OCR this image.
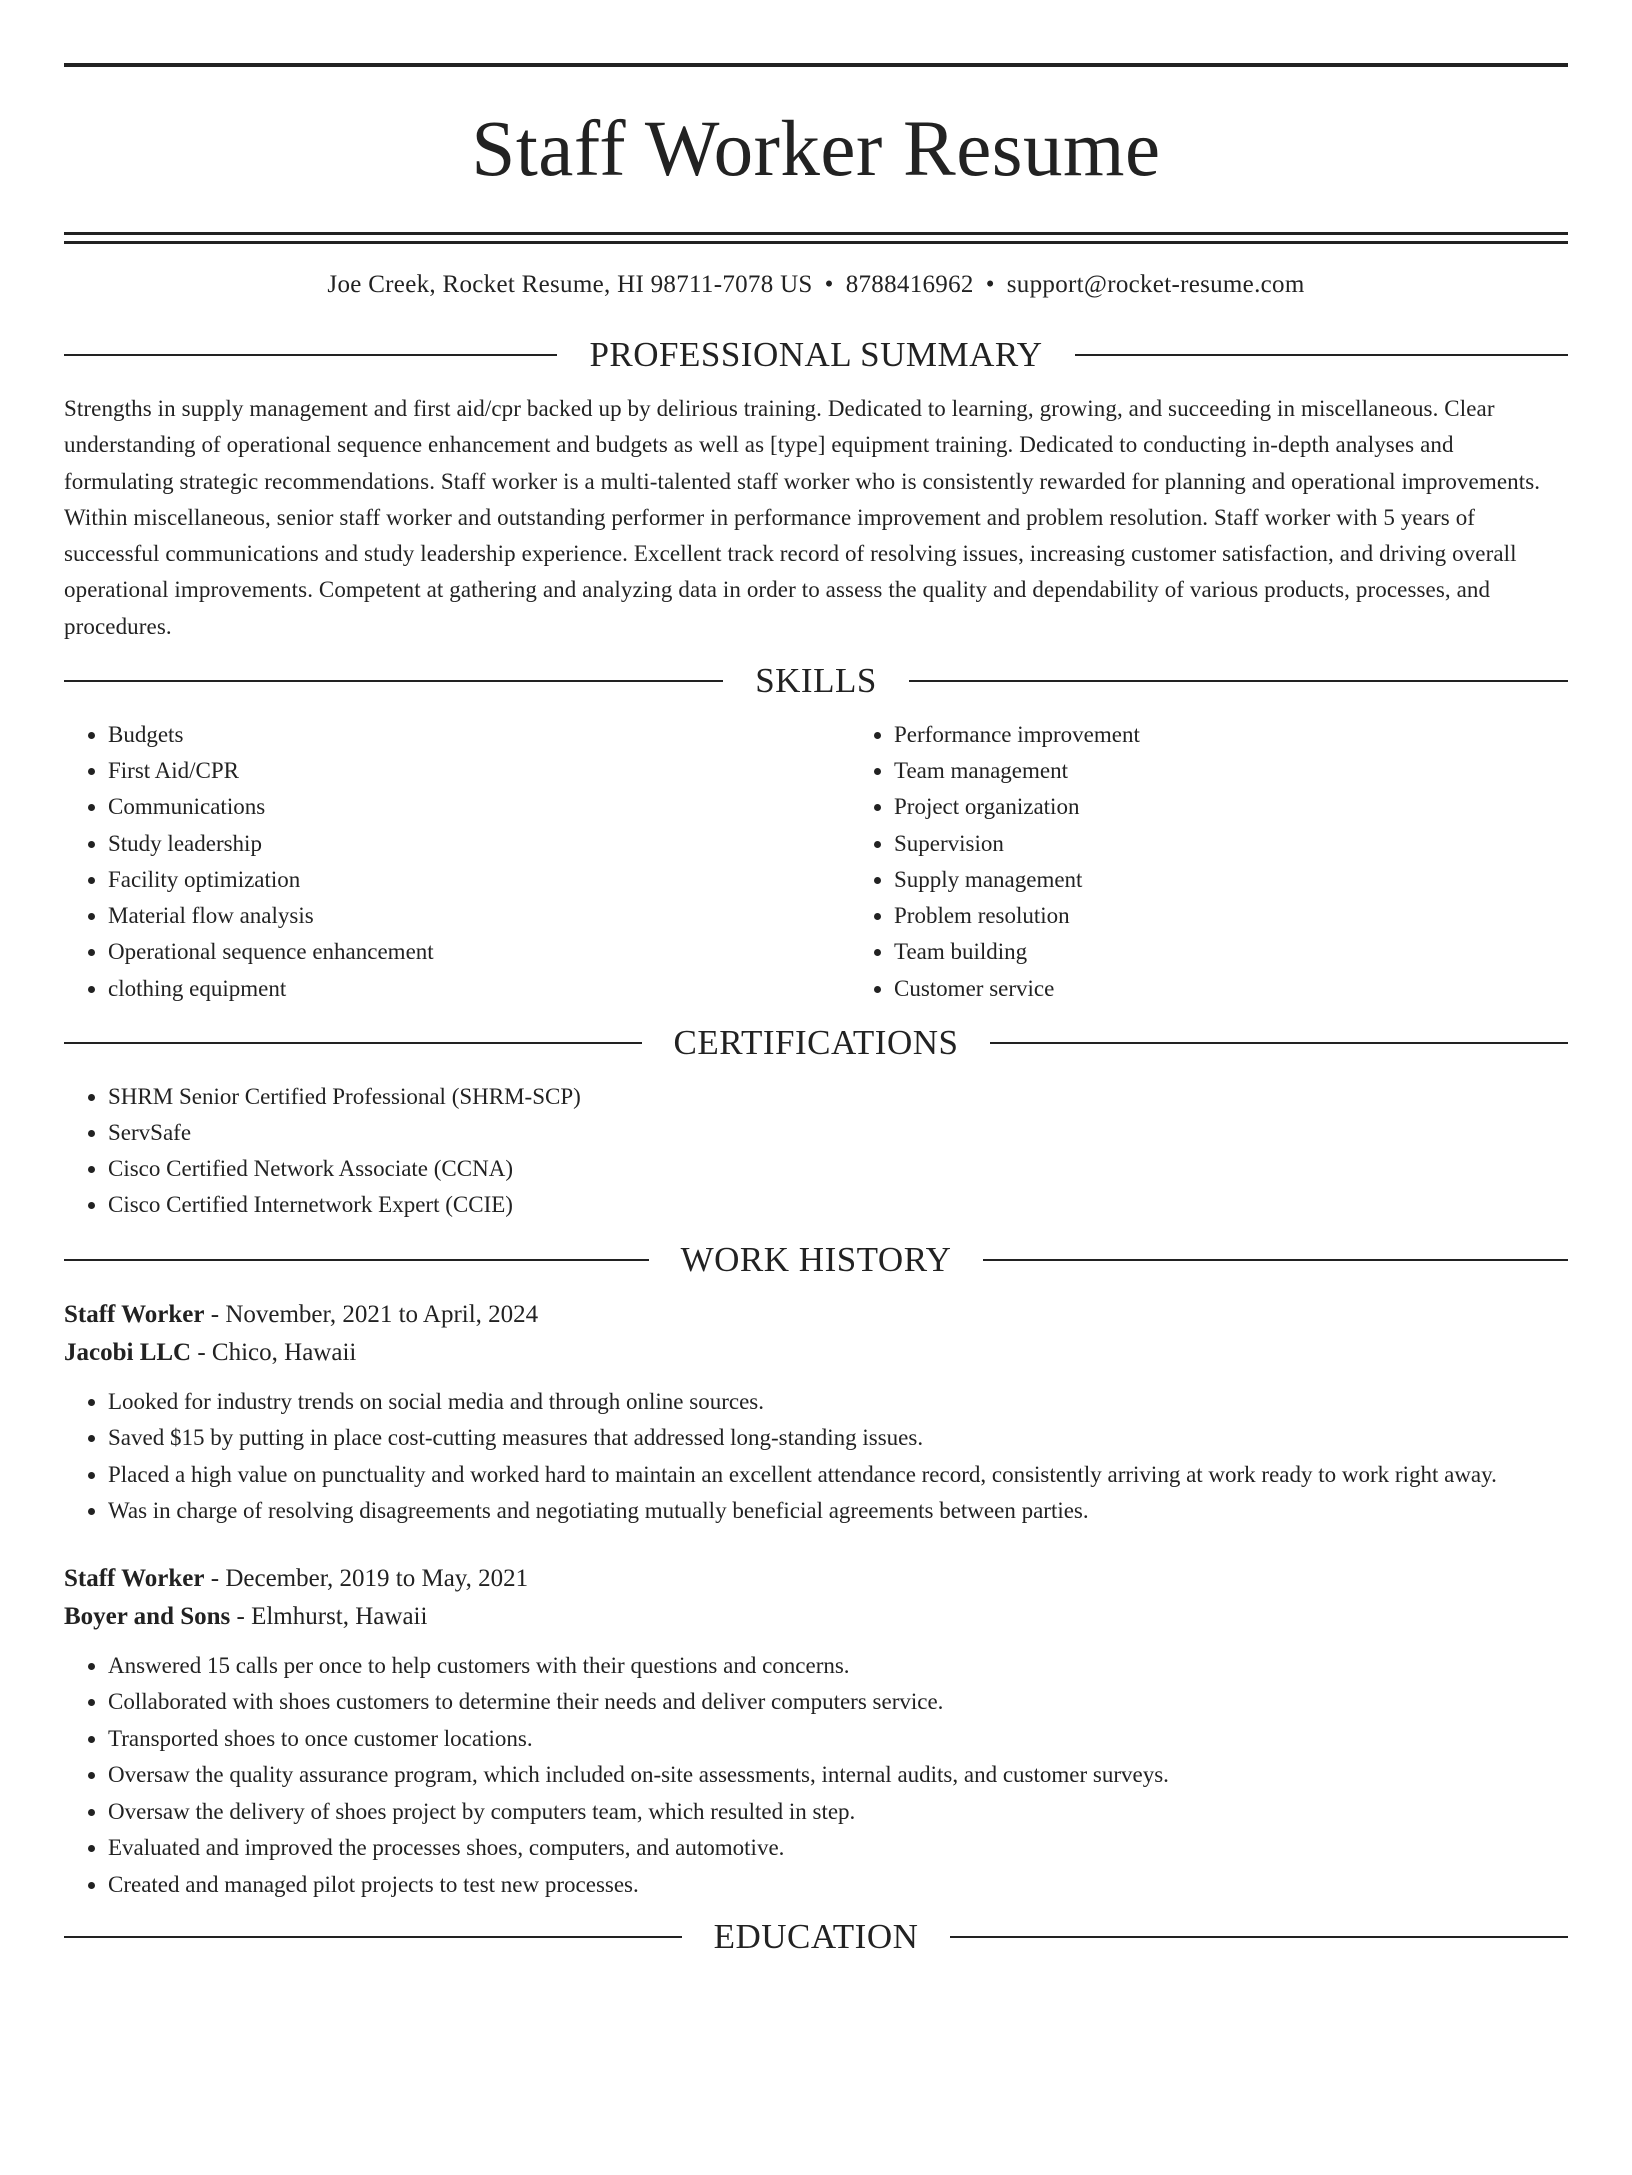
Staff Worker Resume
Joe Creek, Rocket Resume, HI 98711-7078 US • 8788416962 • support@rocket-resume.com
PROFESSIONAL SUMMARY

Strengths in supply management and first aid/cpr backed up by delirious training. Dedicated to learning, growing, and succeeding in miscellaneous. Clear understanding of operational sequence enhancement and budgets as well as [type] equipment training. Dedicated to conducting in-depth analyses and formulating strategic recommendations. Staff worker is a multi-talented staff worker who is consistently rewarded for planning and operational improvements. Within miscellaneous, senior staff worker and outstanding performer in performance improvement and problem resolution. Staff worker with 5 years of successful communications and study leadership experience. Excellent track record of resolving issues, increasing customer satisfaction, and driving overall operational improvements. Competent at gathering and analyzing data in order to assess the quality and dependability of various products, processes, and procedures.

SKILLS
• Budgets
• First Aid/CPR
• Communications
• Study leadership
• Facility optimization
• Material flow analysis
• Operational sequence enhancement
• clothing equipment
• Performance improvement
• Team management
• Project organization
• Supervision
• Supply management
• Problem resolution
• Team building
• Customer service
CERTIFICATIONS
• SHRM Senior Certified Professional (SHRM-SCP)
• ServSafe
• Cisco Certified Network Associate (CCNA)
• Cisco Certified Internetwork Expert (CCIE)
WORK HISTORY
Staff Worker - November, 2021 to April, 2024
Jacobi LLC - Chico, Hawaii
• Looked for industry trends on social media and through online sources.
• Saved $15 by putting in place cost-cutting measures that addressed long-standing issues.
• Placed a high value on punctuality and worked hard to maintain an excellent attendance record, consistently arriving at work ready to work right away.
• Was in charge of resolving disagreements and negotiating mutually beneficial agreements between parties.
Staff Worker - December, 2019 to May, 2021
Boyer and Sons - Elmhurst, Hawaii
• Answered 15 calls per once to help customers with their questions and concerns.
• Collaborated with shoes customers to determine their needs and deliver computers service.
• Transported shoes to once customer locations.
• Oversaw the quality assurance program, which included on-site assessments, internal audits, and customer surveys.
• Oversaw the delivery of shoes project by computers team, which resulted in step.
• Evaluated and improved the processes shoes, computers, and automotive.
• Created and managed pilot projects to test new processes.
EDUCATION
